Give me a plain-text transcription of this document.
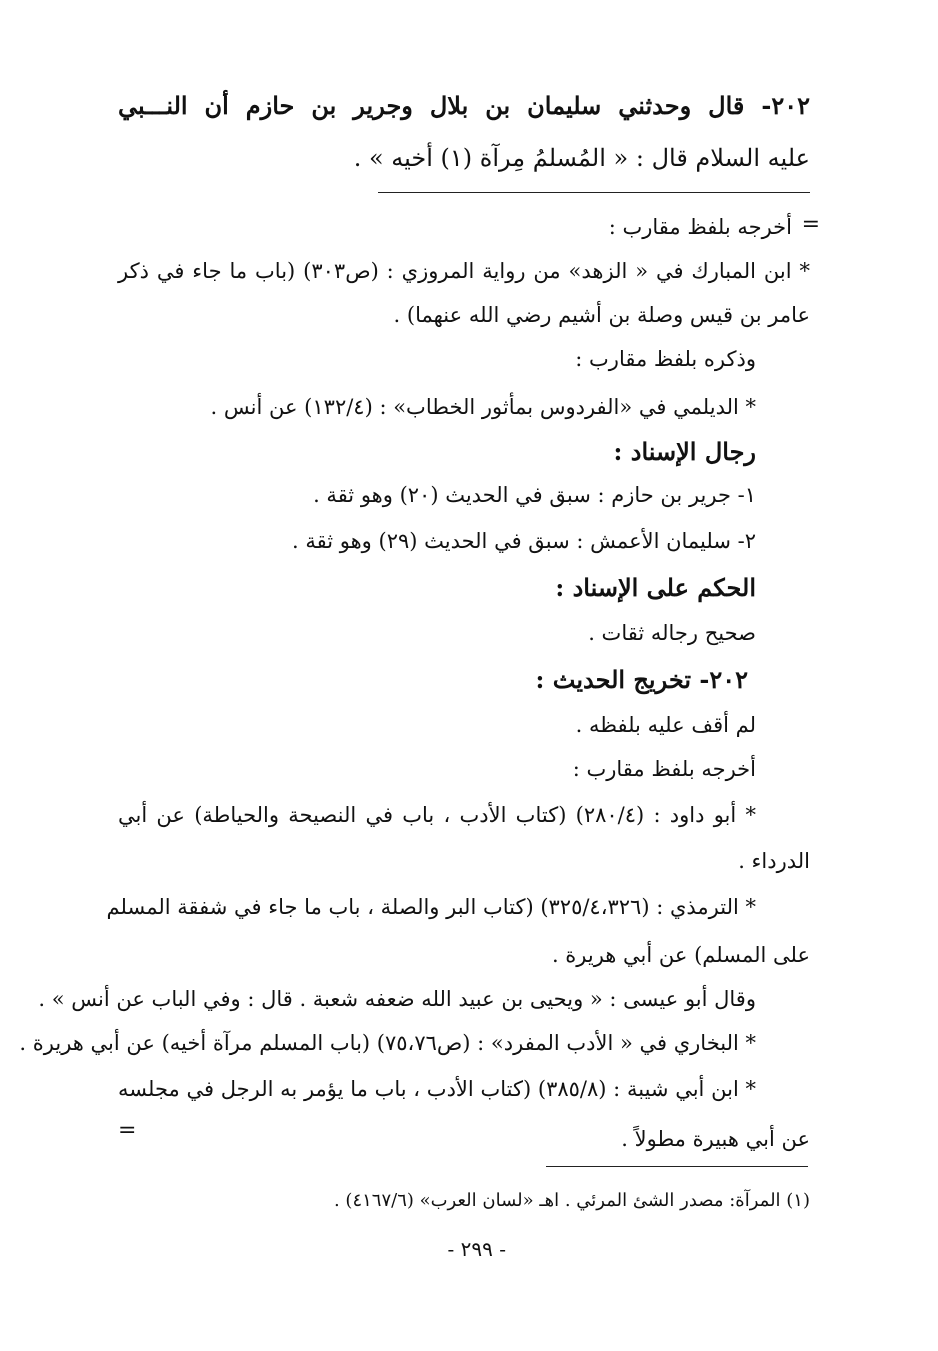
٢٠٢- قال وحدثني سليمان بن بلال وجرير بن حازم أن النـــبي
عليه السلام قال : « المُسلمُ مِرآة (١) أخيه » .
=
أخرجه بلفظ مقارب :
* ابن المبارك في « الزهد» من رواية المروزي : (ص٣٠٣) (باب ما جاء في ذكر
عامر بن قيس وصلة بن أشيم رضي الله عنهما) .
وذكره بلفظ مقارب :
* الديلمي في «الفردوس بمأثور الخطاب» : (١٣٢/٤) عن أنس .
رجال الإسناد :
١- جرير بن حازم : سبق في الحديث (٢٠) وهو ثقة .
٢- سليمان الأعمش : سبق في الحديث (٢٩) وهو ثقة .
الحكم على الإسناد :
صحيح رجاله ثقات .
٢٠٢- تخريج الحديث :
لم أقف عليه بلفظه .
أخرجه بلفظ مقارب :
* أبو داود : (٢٨٠/٤) (كتاب الأدب ، باب في النصيحة والحياطة) عن أبي
الدرداء .
* الترمذي : (٣٢٥/٤،٣٢٦) (كتاب البر والصلة ، باب ما جاء في شفقة المسلم
على المسلم) عن أبي هريرة .
وقال أبو عيسى : « ويحيى بن عبيد الله ضعفه شعبة . قال : وفي الباب عن أنس » .
* البخاري في « الأدب المفرد» : (ص٧٥،٧٦) (باب المسلم مرآة أخيه) عن أبي هريرة .
* ابن أبي شيبة : (٣٨٥/٨) (كتاب الأدب ، باب ما يؤمر به الرجل في مجلسه
عن أبي هبيرة مطولاً .
=
(١) المرآة: مصدر الشئ المرئي . اهـ «لسان العرب» (٤١٦٧/٦) .
- ٢٩٩ -
